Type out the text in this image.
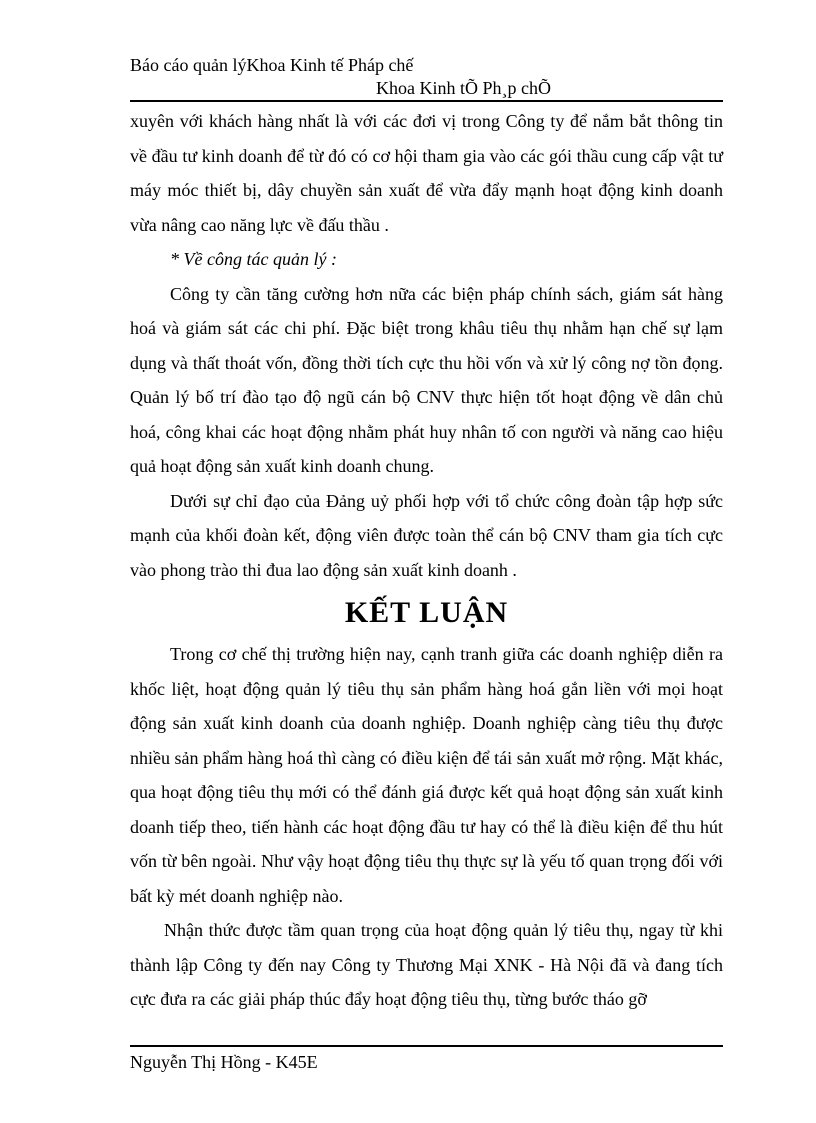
Báo cáo quản lýKhoa Kinh tế Pháp chế
Khoa Kinh tÕ Ph¸p chÕ

xuyên với khách hàng nhất là với các đơi vị trong Công ty để nắm bắt thông tin về đầu tư kinh doanh để từ đó có cơ hội tham gia vào các gói thầu cung cấp vật tư máy móc thiết bị, dây chuyền sản xuất để vừa đẩy mạnh hoạt động kinh doanh vừa nâng cao năng lực về đấu thầu .

* Về công tác quản lý :

Công ty cần tăng cường hơn nữa các biện pháp chính sách, giám sát hàng hoá và giám sát các chi phí. Đặc biệt trong khâu tiêu thụ nhằm hạn chế sự lạm dụng và thất thoát vốn, đồng thời tích cực thu hồi vốn và xử lý công nợ tồn đọng. Quản lý bố trí đào tạo độ ngũ cán bộ CNV thực hiện tốt hoạt động về dân chủ hoá, công khai các hoạt động nhằm phát huy nhân tố con người và năng cao hiệu quả hoạt động sản xuất kinh doanh chung.

Dưới sự chỉ đạo của Đảng uỷ phối hợp với tổ chức công đoàn tập hợp sức mạnh của khối đoàn kết, động viên được toàn thể cán bộ CNV tham gia tích cực vào phong trào thi đua lao động sản xuất kinh doanh .

KẾT LUẬN

Trong cơ chế thị trường hiện nay, cạnh tranh giữa các doanh nghiệp diễn ra khốc liệt, hoạt động quản lý tiêu thụ sản phẩm hàng hoá gắn liền với mọi hoạt động sản xuất kinh doanh của doanh nghiệp. Doanh nghiệp càng tiêu thụ được nhiều sản phẩm hàng hoá thì càng có điều kiện để tái sản xuất mở rộng. Mặt khác, qua hoạt động tiêu thụ mới có thể đánh giá được kết quả hoạt động sản xuất kinh doanh tiếp theo, tiến hành các hoạt động đầu tư hay có thể là điều kiện để thu hút vốn từ bên ngoài. Như vậy hoạt động tiêu thụ thực sự là yếu tố quan trọng đối với bất kỳ mét doanh nghiệp nào.

Nhận thức được tầm quan trọng của hoạt động quản lý tiêu thụ, ngay từ khi thành lập Công ty đến nay Công ty Thương Mại XNK - Hà Nội đã và đang tích cực đưa ra các giải pháp thúc đẩy hoạt động tiêu thụ, từng bước tháo gỡ

Nguyễn Thị Hồng - K45E
